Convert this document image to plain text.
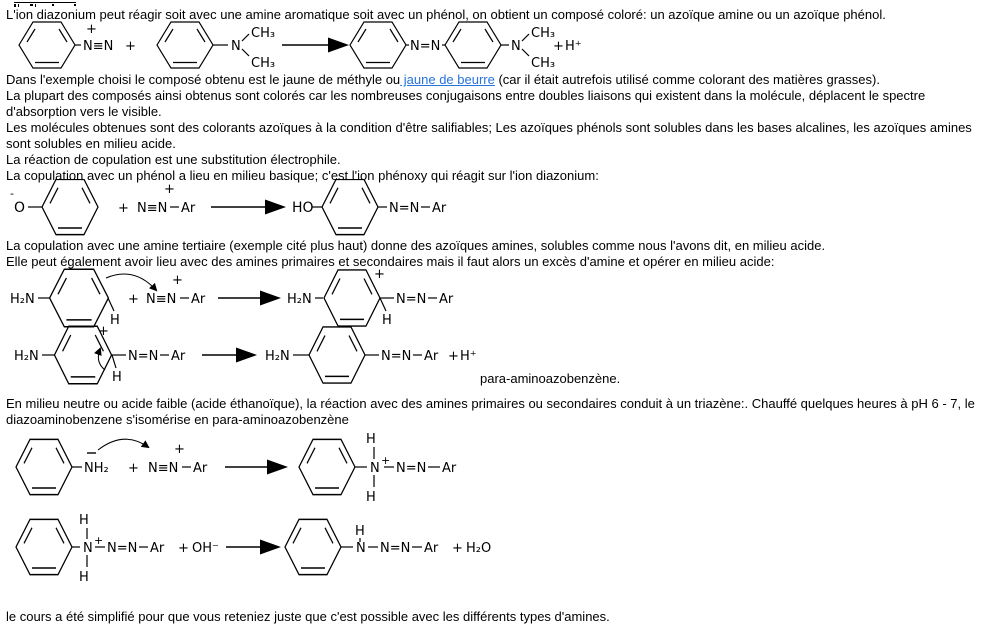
L'ion diazonium peut réagir soit avec une amine aromatique soit avec un phénol, on obtient un composé coloré: un azoïque amine ou un azoïque phénol.
+
N≡N +	N
CH₃
CH₃
N=N	N
CH₃
CH₃
+ H⁺
Dans l'exemple choisi le composé obtenu est le jaune de méthyle ou jaune de beurre (car il était autrefois utilisé comme colorant des matières grasses).
La plupart des composés ainsi obtenus sont colorés car les nombreuses conjugaisons entre doubles liaisons qui existent dans la molécule, déplacent le spectre
d'absorption vers le visible.
Les molécules obtenues sont des colorants azoïques à la condition d'être salifiables; Les azoïques phénols sont solubles dans les bases alcalines, les azoïques amines
sont solubles en milieu acide.
La réaction de copulation est une substitution électrophile.
La copulation avec un phénol a lieu en milieu basique; c'est l'ion phénoxy qui réagit sur l'ion diazonium:
-
O	+ N≡N
+
Ar	HO	N=N Ar
La copulation avec une amine tertiaire (exemple cité plus haut) donne des azoïques amines, solubles comme nous l'avons dit, en milieu acide.
Elle peut également avoir lieu avec des amines primaires et secondaires mais il faut alors un excès d'amine et opérer en milieu acide:
H₂N
H
+ N≡N
+
Ar	H₂N
+
H
N=N Ar
H₂N
+
H
N=N Ar	H₂N	N=N Ar + H⁺
para-aminoazobenzène.
En milieu neutre ou acide faible (acide éthanoïque), la réaction avec des amines primaires ou secondaires conduit à un triazène:. Chauffé quelques heures à pH 6 - 7, le
diazoaminobenzene s'isomérise en para-aminoazobenzène
NH₂ + N≡N
+
Ar	N
+
H
H
N=N Ar
N
+
H
H
N=N Ar + OH⁻
H
N N=N Ar + H₂O
le cours a été simplifié pour que vous reteniez juste que c'est possible avec les différents types d'amines.
